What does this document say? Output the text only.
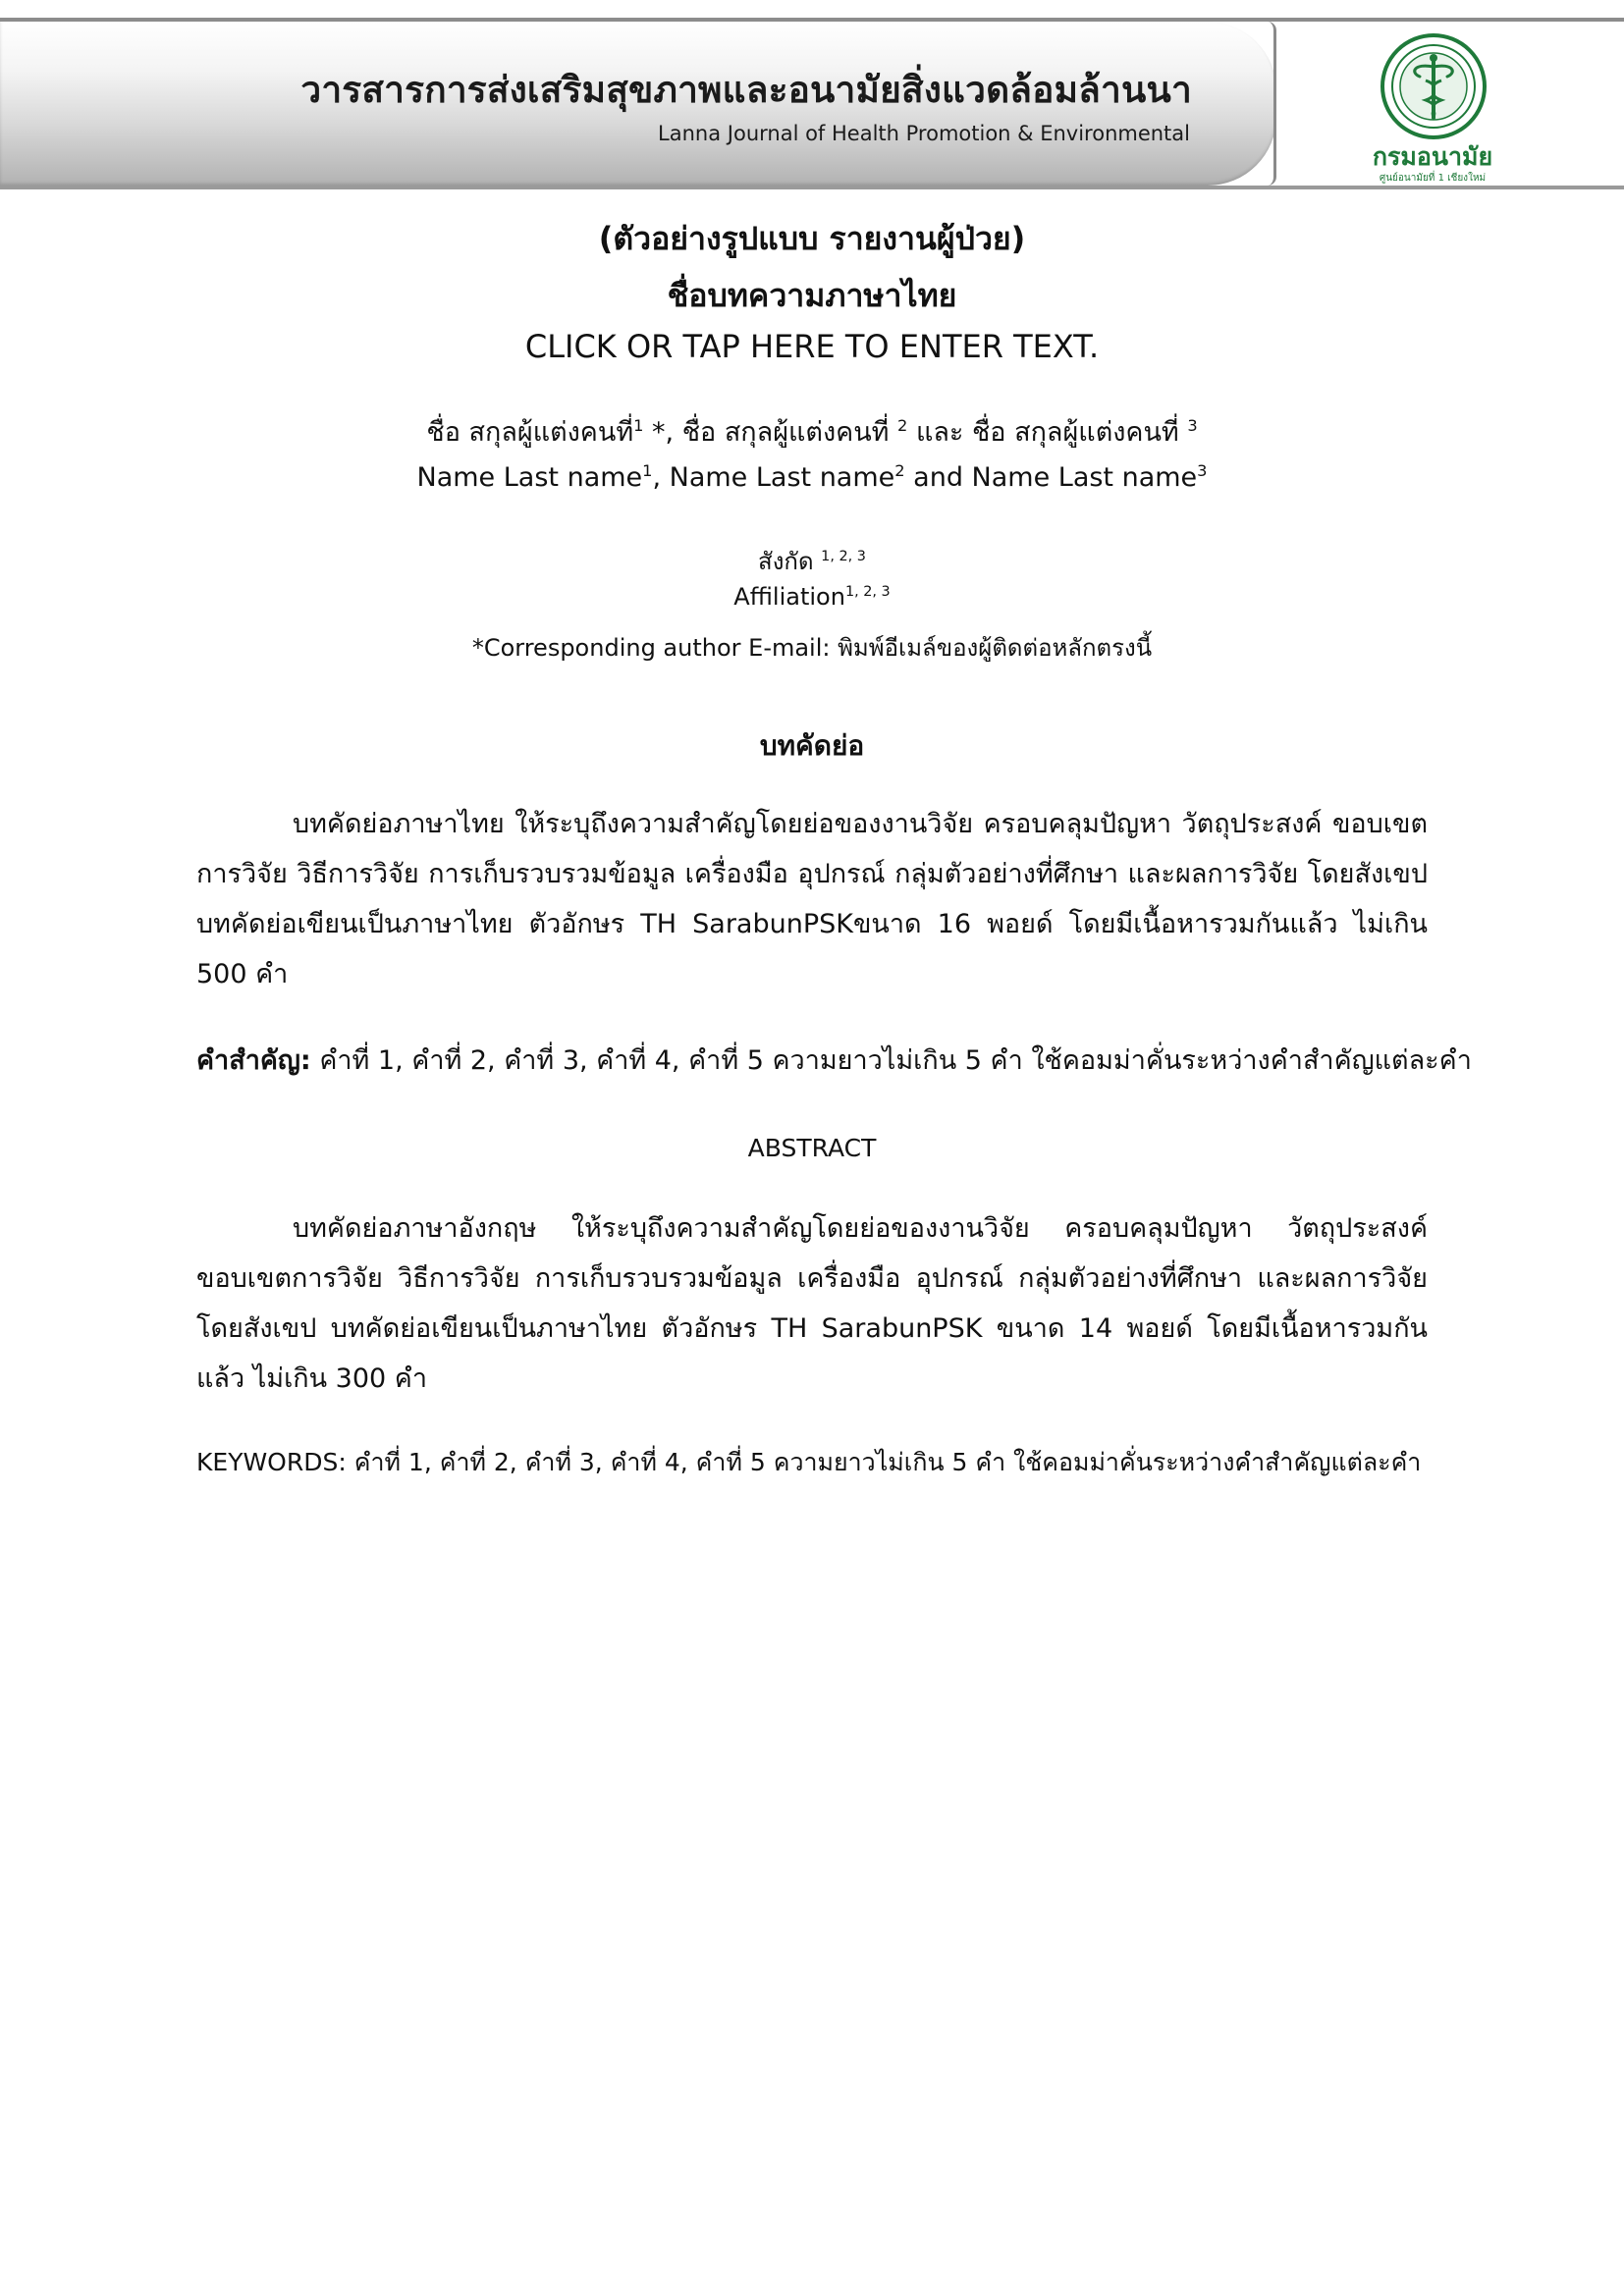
วารสารการส่งเสริมสุขภาพและอนามัยสิ่งแวดล้อมล้านนา
Lanna Journal of Health Promotion & Environmental
กรมอนามัย
ศูนย์อนามัยที่ 1 เชียงใหม่
(ตัวอย่างรูปแบบ รายงานผู้ป่วย)
ชื่อบทความภาษาไทย
CLICK OR TAP HERE TO ENTER TEXT.
ชื่อ สกุลผู้แต่งคนที่$^1$ *, ชื่อ สกุลผู้แต่งคนที่ $^2$ และ ชื่อ สกุลผู้แต่งคนที่ $^3$
Name Last name$^1$, Name Last name$^2$ and Name Last name$^3$
สังกัด $^{1, 2, 3}$
Affiliation$^{1, 2, 3}$
*Corresponding author E-mail: พิมพ์อีเมล์ของผู้ติดต่อหลักตรงนี้
บทคัดย่อ
บทคัดย่อภาษาไทย ให้ระบุถึงความสำคัญโดยย่อของงานวิจัย ครอบคลุมปัญหา วัตถุประสงค์ ขอบเขตการวิจัย วิธีการวิจัย การเก็บรวบรวมข้อมูล เครื่องมือ อุปกรณ์ กลุ่มตัวอย่างที่ศึกษา และผลการวิจัย โดยสังเขป บทคัดย่อเขียนเป็นภาษาไทย ตัวอักษร TH SarabunPSKขนาด 16 พอยด์ โดยมีเนื้อหารวมกันแล้ว ไม่เกิน 500 คำ
คำสำคัญ: คำที่ 1, คำที่ 2, คำที่ 3, คำที่ 4, คำที่ 5 ความยาวไม่เกิน 5 คำ ใช้คอมม่าคั่นระหว่างคำสำคัญแต่ละคำ
ABSTRACT
บทคัดย่อภาษาอังกฤษ ให้ระบุถึงความสำคัญโดยย่อของงานวิจัย ครอบคลุมปัญหา วัตถุประสงค์ ขอบเขตการวิจัย วิธีการวิจัย การเก็บรวบรวมข้อมูล เครื่องมือ อุปกรณ์ กลุ่มตัวอย่างที่ศึกษา และผลการวิจัย โดยสังเขป บทคัดย่อเขียนเป็นภาษาไทย ตัวอักษร TH SarabunPSK ขนาด 14 พอยด์ โดยมีเนื้อหารวมกัน แล้ว ไม่เกิน 300 คำ
KEYWORDS: คำที่ 1, คำที่ 2, คำที่ 3, คำที่ 4, คำที่ 5 ความยาวไม่เกิน 5 คำ ใช้คอมม่าคั่นระหว่างคำสำคัญแต่ละคำ
